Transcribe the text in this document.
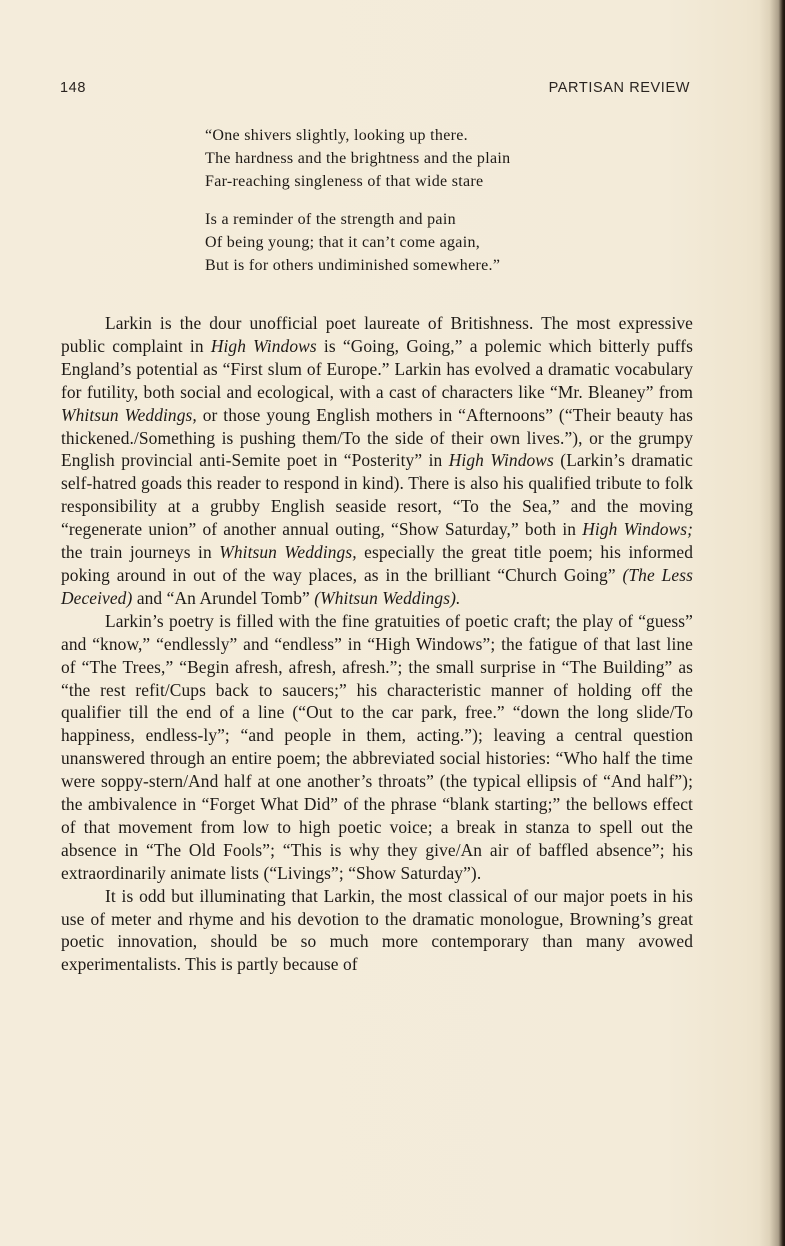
148	PARTISAN REVIEW
“One shivers slightly, looking up there.
The hardness and the brightness and the plain
Far-reaching singleness of that wide stare
Is a reminder of the strength and pain
Of being young; that it can’t come again,
But is for others undiminished somewhere.”

Larkin is the dour unofficial poet laureate of Britishness. The most expressive public complaint in High Windows is “Going, Going,” a polemic which bitterly puffs England’s potential as “First slum of Europe.” Larkin has evolved a dramatic vocabulary for futility, both social and ecological, with a cast of characters like “Mr. Bleaney” from Whitsun Weddings, or those young English mothers in “Afternoons” (“Their beauty has thickened./Something is pushing them/To the side of their own lives.”), or the grumpy English provincial anti-Semite poet in “Posterity” in High Windows (Larkin’s dramatic self-hatred goads this reader to respond in kind). There is also his qualified tribute to folk responsibility at a grubby English seaside resort, “To the Sea,” and the moving “regenerate union” of another annual outing, “Show Saturday,” both in High Windows; the train journeys in Whitsun Weddings, especially the great title poem; his informed poking around in out of the way places, as in the brilliant “Church Going” (The Less Deceived) and “An Arundel Tomb” (Whitsun Weddings).

Larkin’s poetry is filled with the fine gratuities of poetic craft; the play of “guess” and “know,” “endlessly” and “endless” in “High Windows”; the fatigue of that last line of “The Trees,” “Begin afresh, afresh, afresh.”; the small surprise in “The Building” as “the rest refit/Cups back to saucers;” his characteristic manner of holding off the qualifier till the end of a line (“Out to the car park, free.” “down the long slide/To happiness, endless-ly”; “and people in them, acting.”); leaving a central question unanswered through an entire poem; the abbreviated social histories: “Who half the time were soppy-stern/And half at one another’s throats” (the typical ellipsis of “And half”); the ambivalence in “Forget What Did” of the phrase “blank starting;” the bellows effect of that movement from low to high poetic voice; a break in stanza to spell out the absence in “The Old Fools”; “This is why they give/An air of baffled absence”; his extraordinarily animate lists (“Livings”; “Show Saturday”).

It is odd but illuminating that Larkin, the most classical of our major poets in his use of meter and rhyme and his devotion to the dramatic monologue, Browning’s great poetic innovation, should be so much more contemporary than many avowed experimentalists. This is partly because of
